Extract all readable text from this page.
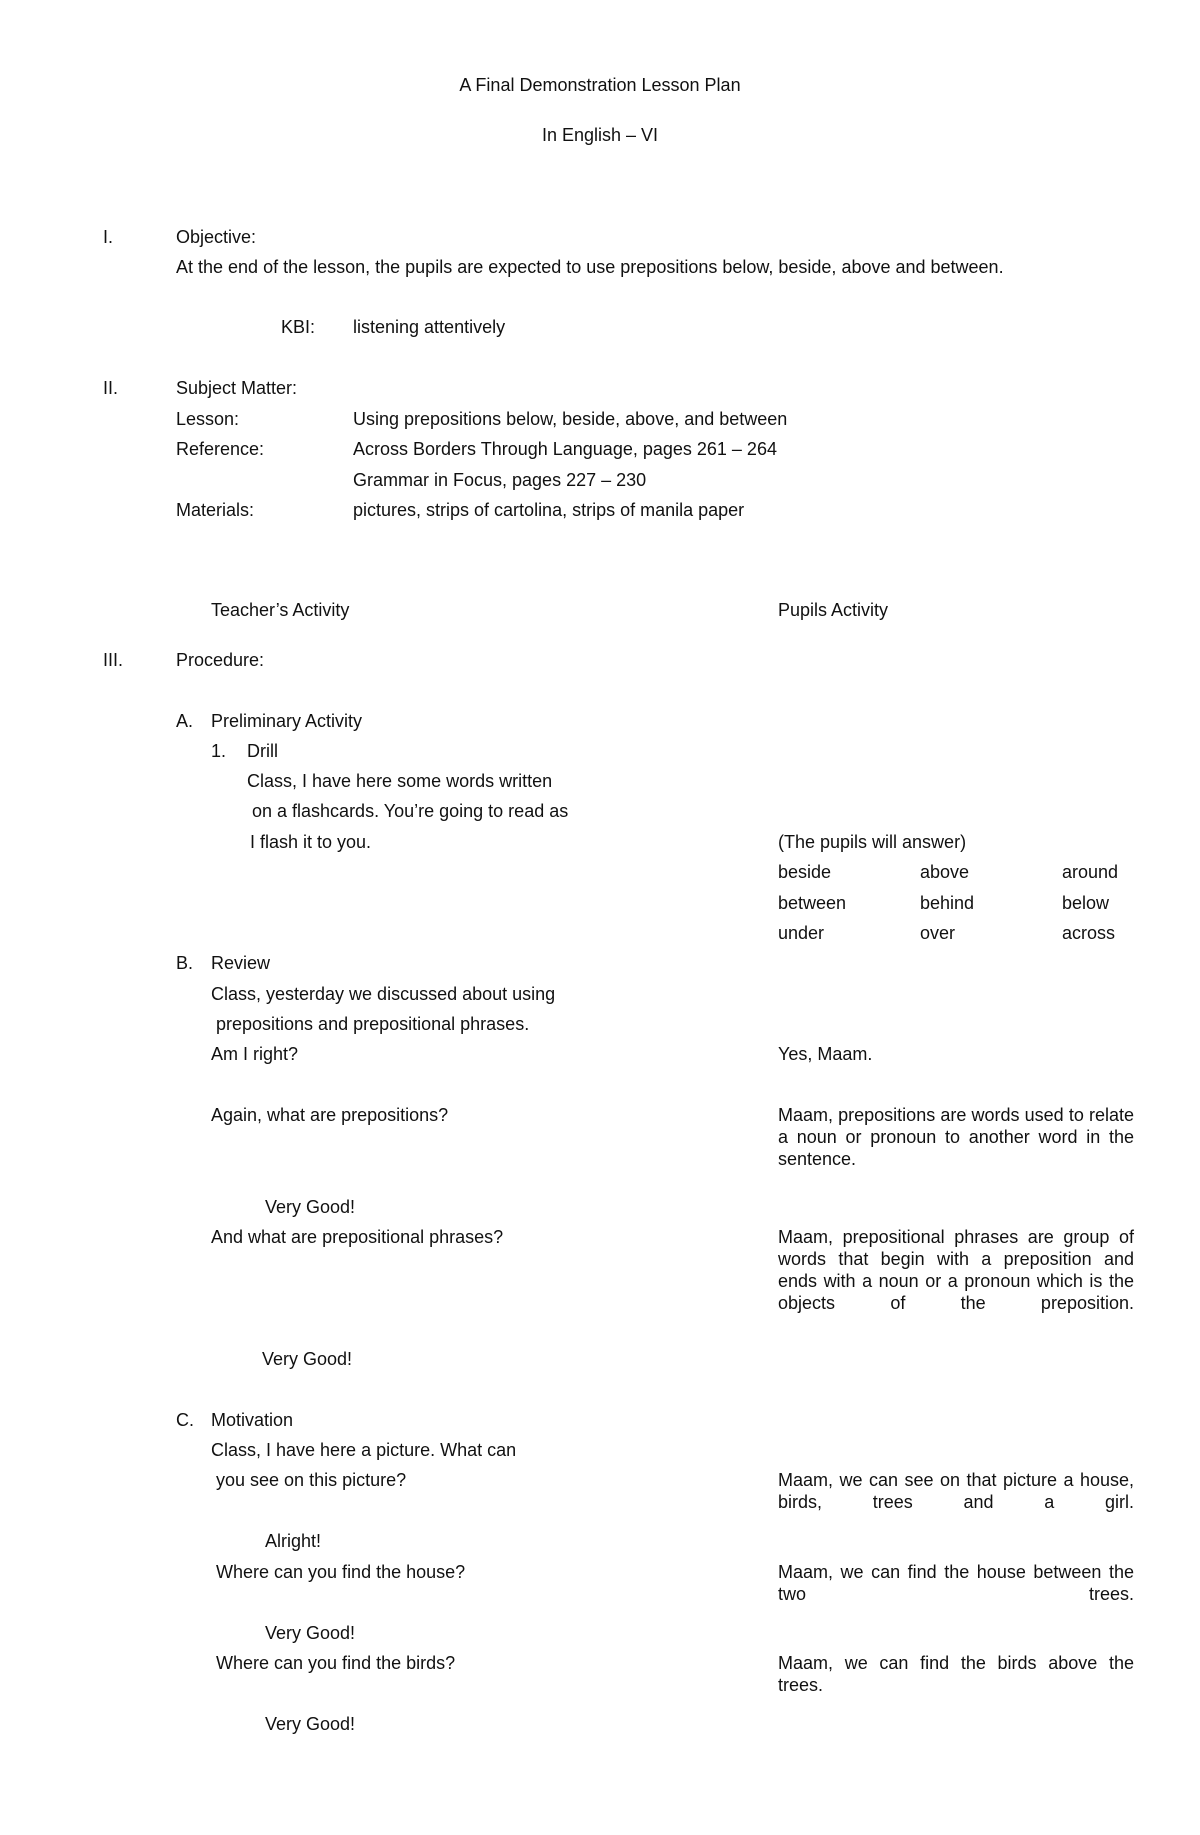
A Final Demonstration Lesson Plan
In English – VI
I.	Objective:
At the end of the lesson, the pupils are expected to use prepositions below, beside, above and between.
KBI: listening attentively
II.	Subject Matter:
Lesson:	Using prepositions below, beside, above, and between
Reference:	Across Borders Through Language, pages 261 – 264
Grammar in Focus, pages 227 – 230
Materials:	pictures, strips of cartolina, strips of manila paper
Teacher’s Activity	Pupils Activity
III.	Procedure:
A. Preliminary Activity
1. Drill
Class, I have here some words written
on a flashcards. You’re going to read as
I flash it to you.	(The pupils will answer)
beside	above	around
between	behind	below
under	over	across
B. Review
Class, yesterday we discussed about using
prepositions and prepositional phrases.
Am I right?	Yes, Maam.
Again, what are prepositions?	Maam, prepositions are words used to relate a noun or pronoun to another word in the sentence.
Very Good!
And what are prepositional phrases?	Maam, prepositional phrases are group of words that begin with a preposition and ends with a noun or a pronoun which is the objects of the preposition.
Very Good!
C. Motivation
Class, I have here a picture. What can
you see on this picture?	Maam, we can see on that picture a house, birds, trees and a girl.
Alright!
Where can you find the house?	Maam, we can find the house between the two trees.
Very Good!
Where can you find the birds?	Maam, we can find the birds above the trees.
Very Good!
